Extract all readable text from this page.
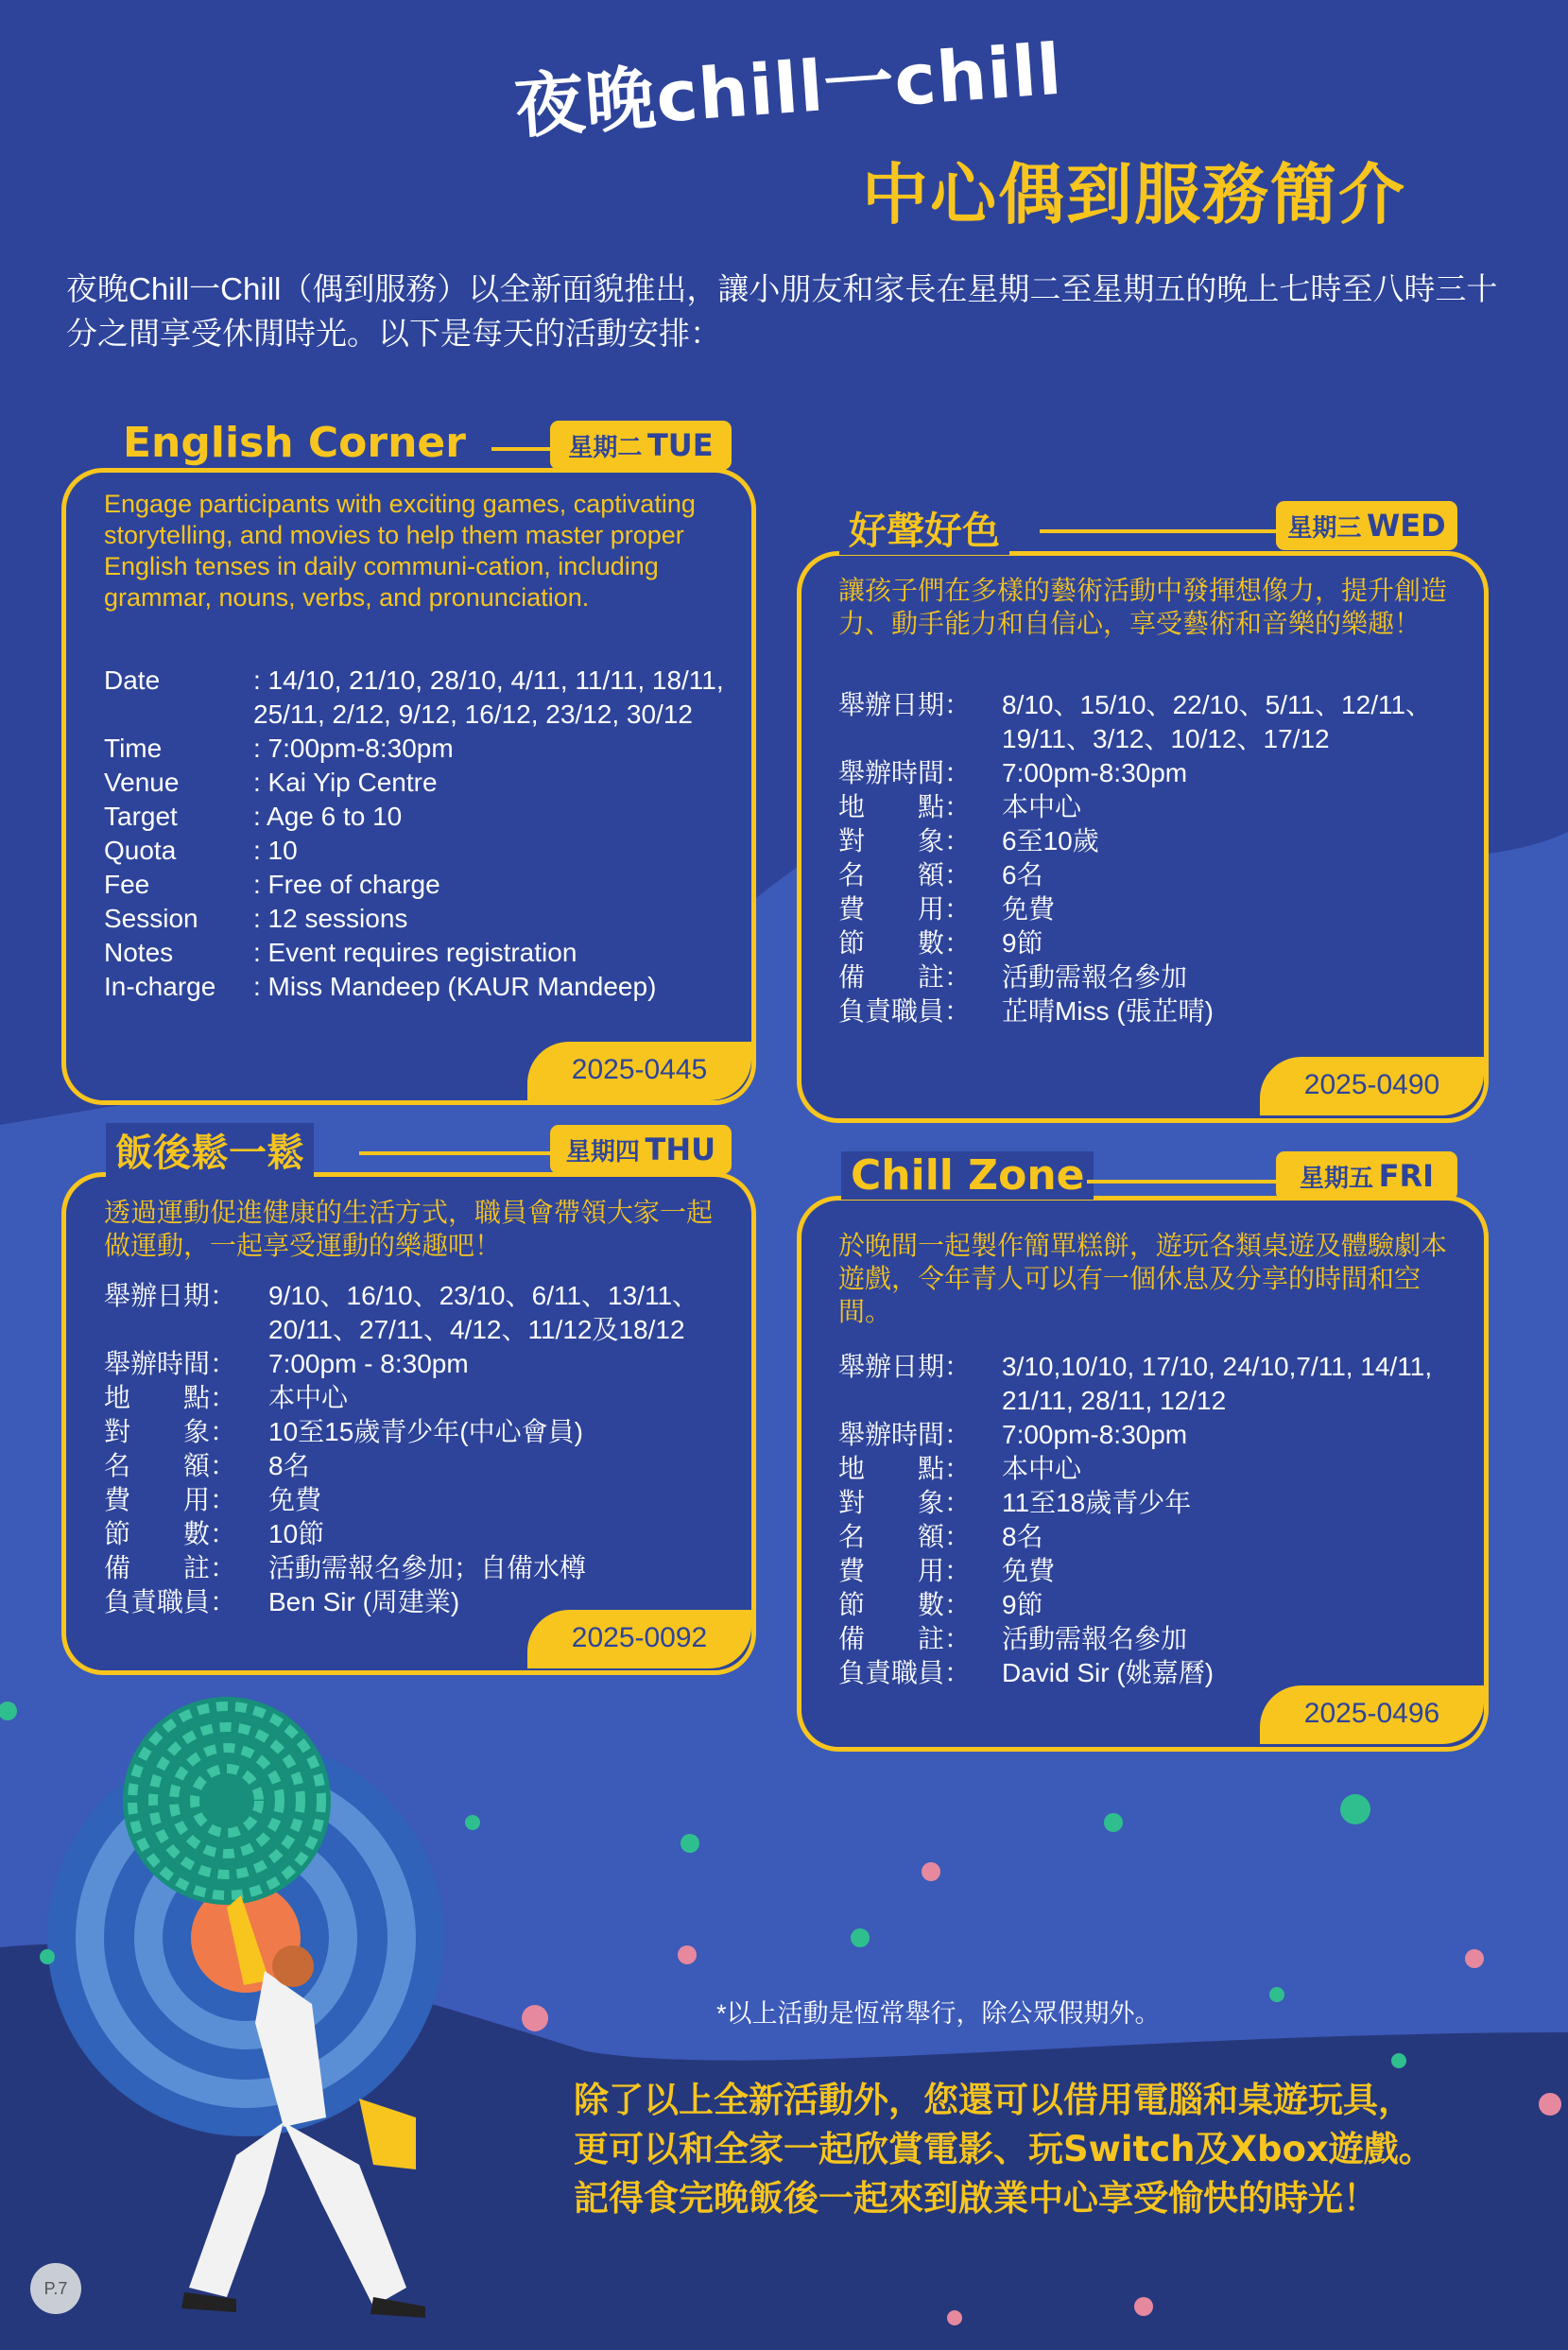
夜晚chill一chill
中心偶到服務簡介
夜晚Chill一Chill（偶到服務）以全新面貌推出，讓小朋友和家長在星期二至星期五的晚上七時至八時三十分之間享受休閒時光。以下是每天的活動安排：
English Corner	星期二 TUE
Engage participants with exciting games, captivating storytelling, and movies to help them master proper English tenses in daily communi-cation, including grammar, nouns, verbs, and pronunciation.
Date	: 14/10, 21/10, 28/10, 4/11, 11/11, 18/11, 25/11, 2/12, 9/12, 16/12, 23/12, 30/12
Time	: 7:00pm-8:30pm
Venue	: Kai Yip Centre
Target	: Age 6 to 10
Quota	: 10
Fee	: Free of charge
Session	: 12 sessions
Notes	: Event requires registration
In-charge	: Miss Mandeep (KAUR Mandeep)
2025-0445
好聲好色	星期三 WED
讓孩子們在多樣的藝術活動中發揮想像力，提升創造力、動手能力和自信心，享受藝術和音樂的樂趣！
舉辦日期：	8/10、15/10、22/10、5/11、12/11、19/11、3/12、10/12、17/12
舉辦時間：	7:00pm-8:30pm
地　　點：	本中心
對　　象：	6至10歲
名　　額：	6名
費　　用：	免費
節　　數：	9節
備　　註：	活動需報名參加
負責職員：	芷晴Miss (張芷晴)
2025-0490
飯後鬆一鬆	星期四 THU
透過運動促進健康的生活方式，職員會帶領大家一起做運動，一起享受運動的樂趣吧！
舉辦日期：	9/10、16/10、23/10、6/11、13/11、20/11、27/11、4/12、11/12及18/12
舉辦時間：	7:00pm - 8:30pm
地　　點：	本中心
對　　象：	10至15歲青少年(中心會員)
名　　額：	8名
費　　用：	免費
節　　數：	10節
備　　註：	活動需報名參加；自備水樽
負責職員：	Ben Sir (周建業)
2025-0092
Chill Zone	星期五 FRI
於晚間一起製作簡單糕餅，遊玩各類桌遊及體驗劇本遊戲，令年青人可以有一個休息及分享的時間和空間。
舉辦日期：	3/10,10/10, 17/10, 24/10,7/11, 14/11, 21/11, 28/11, 12/12
舉辦時間：	7:00pm-8:30pm
地　　點：	本中心
對　　象：	11至18歲青少年
名　　額：	8名
費　　用：	免費
節　　數：	9節
備　　註：	活動需報名參加
負責職員：	David Sir (姚嘉曆)
2025-0496
*以上活動是恆常舉行，除公眾假期外。
除了以上全新活動外，您還可以借用電腦和桌遊玩具，
更可以和全家一起欣賞電影、玩Switch及Xbox遊戲。
記得食完晚飯後一起來到啟業中心享受愉快的時光！
P.7
